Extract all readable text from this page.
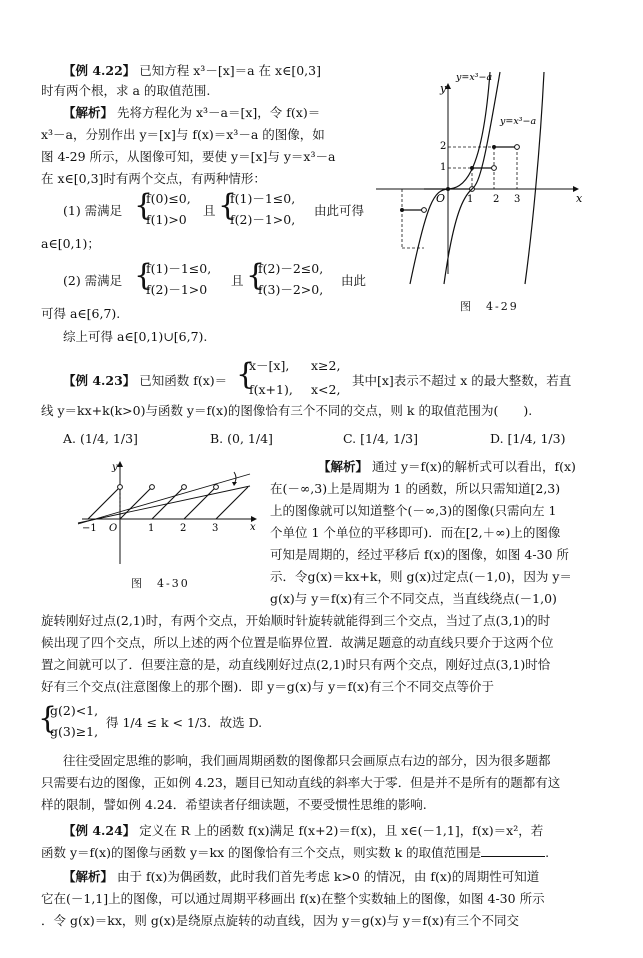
【例 4.22】 已知方程 x³－[x]＝a 在 x∈[0,3]
时有两个根，求 a 的取值范围.
【解析】 先将方程化为 x³－a＝[x]，令 f(x)＝
x³－a，分别作出 y＝[x]与 f(x)＝x³－a 的图像，如
图 4-29 所示，从图像可知，要使 y＝[x]与 y＝x³－a
在 x∈[0,3]时有两个交点，有两种情形：
(1) 需满足 {
f(0)≤0,
f(1)>0
且 {
f(1)－1≤0,
f(2)－1>0,
由此可得
a∈[0,1)；
(2) 需满足 {
f(1)－1≤0,
f(2)－1>0
且 {
f(2)－2≤0,
f(3)－2>0,
由此
可得 a∈[6,7).
综上可得 a∈[0,1)∪[6,7).
y
x
O 1 2 3
1
2
y=x³−a
y=x³−a
图　4-29
【例 4.23】 已知函数 f(x)＝ {
x－[x], x≥2,
f(x+1), x<2,
其中[x]表示不超过 x 的最大整数，若直
线 y＝kx+k(k>0)与函数 y＝f(x)的图像恰有三个不同的交点，则 k 的取值范围为(　　).
A. (1/4, 1/3]	B. (0, 1/4]	C. [1/4, 1/3]	D. [1/4, 1/3)
y
x
O
−1	1	2	3
图　4-30
【解析】 通过 y＝f(x)的解析式可以看出，f(x)
在(－∞,3)上是周期为 1 的函数，所以只需知道[2,3)
上的图像就可以知道整个(－∞,3)的图像(只需向左 1
个单位 1 个单位的平移即可)．而在[2,＋∞)上的图像
可知是周期的，经过平移后 f(x)的图像，如图 4-30 所
示．令g(x)＝kx+k，则 g(x)过定点(－1,0)，因为 y＝
g(x)与 y＝f(x)有三个不同交点，当直线绕点(－1,0)
旋转刚好过点(2,1)时，有两个交点，开始顺时针旋转就能得到三个交点，当过了点(3,1)的时
候出现了四个交点，所以上述的两个位置是临界位置．故满足题意的动直线只要介于这两个位
置之间就可以了．但要注意的是，动直线刚好过点(2,1)时只有两个交点，刚好过点(3,1)时恰
好有三个交点(注意图像上的那个圈)．即 y＝g(x)与 y＝f(x)有三个不同交点等价于
{
g(2)<1,
g(3)≥1,
得 1/4 ≤ k < 1/3．故选 D.
往往受固定思维的影响，我们画周期函数的图像都只会画原点右边的部分，因为很多题都
只需要右边的图像，正如例 4.23，题目已知动直线的斜率大于零．但是并不是所有的题都有这
样的限制，譬如例 4.24．希望读者仔细读题，不要受惯性思维的影响.
【例 4.24】 定义在 R 上的函数 f(x)满足 f(x+2)＝f(x)，且 x∈(－1,1]，f(x)＝x²，若
函数 y＝f(x)的图像与函数 y＝kx 的图像恰有三个交点，则实数 k 的取值范围是	.
【解析】 由于 f(x)为偶函数，此时我们首先考虑 k>0 的情况，由 f(x)的周期性可知道
它在(－1,1]上的图像，可以通过周期平移画出 f(x)在整个实数轴上的图像，如图 4-30 所示
．令 g(x)＝kx，则 g(x)是绕原点旋转的动直线，因为 y＝g(x)与 y＝f(x)有三个不同交
